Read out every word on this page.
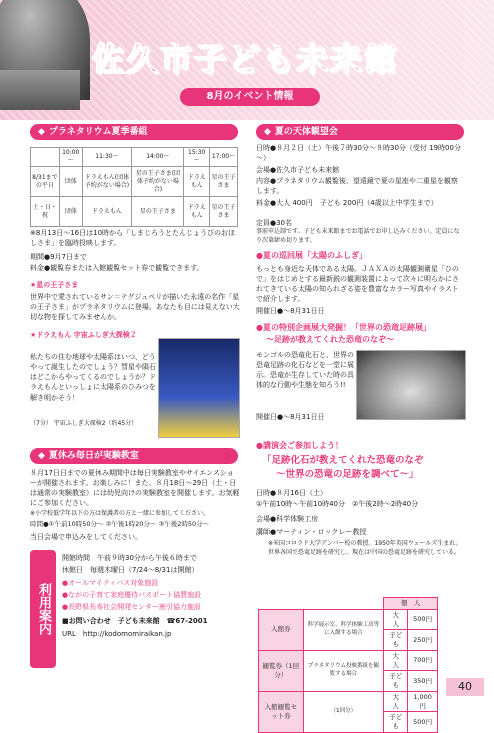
佐久市子ども未来館
8月のイベント情報
◆ プラネタリウム夏季番組
	10:00～	11:30～	14:00～	15:30～	17:00～
8/31までの平日	団体	ドラえもん(団体予約がない場合)	星の王子さま(団体予約がない場合)	ドラえもん	星の王子さま
土・日・祝	団体	ドラえもん	星の王子さま	ドラえもん	星の王子さま
※8月13日～16日は10時から「しまじろうとたんじょうびのおほしさま」を臨時投映します。
期間●9月7日まで
料金●観覧券または入館観覧セット券で観覧できます。
★星の王子さま
世界中で愛されているサン＝テグジュペリが描いた永遠の名作「星の王子さま」がプラネタリウムに登場。あなたも目には見えない大切な物を探してみませんか。
★ドラえもん 宇宙ふしぎ大探検２
私たちの住む地球や太陽系はいつ、どうやって誕生したのでしょう？彗星や隕石はどこからやってくるのでしょうか？ドラえもんといっしょに太陽系のひみつを解き明かそう！
（7分） 宇宙ふしぎ大探検2（約45分）
◆ 夏休み毎日が実験教室
８月17日日までの夏休み期間中は毎日実験教室やサイエンスショーが開催されます。お楽しみに！また、８月18日～29日（土・日は通常の実験教室）には幼児向けの実験教室を開催します。お気軽にご参加ください。
※小学校低学年以下の方は保護者の方と一緒に参加してください。
時間●①午前10時50分～ ②午後1時20分～ ③午後2時50分～
当日会場で申込みをしてください。
利用案内
開館時間　午前９時30分から午後６時まで
休館日　毎週木曜日（7/24～8/31は開館）
●オールマイティパス対象施設
●ながの子育て家庭優待パスポート協賛施設
●長野県長寿社会開発センター割引協力施設
■お問い合わせ　子ども未来館　☎67-2001
URL　http://kodomomiraikan.jp
◆ 夏の天体観望会
日時●８月２日（土）午後７時30分～８時30分（受付 19時00分～）
会場●佐久市子ども未来館
内容●プラネタリウム観覧後、望遠鏡で夏の星座や二重星を観察します。
料金●大人 400円　子ども 200円（4歳以上中学生まで）
定員●30名
事前申込制です。子ども未来館までお電話でお申し込みください。定員になり次第締め切ります。
●夏の巡回展「太陽のふしぎ」
もっとも身近な天体である太陽。ＪＡＸＡの太陽観測衛星「ひので」をはじめとする最新鋭の観測装置によって次々に明らかにされてきている太陽の知られざる姿を豊富なカラー写真やイラストで紹介します。
開催日●～8月31日日
●夏の特別企画展大発掘！「世界の恐竜足跡展」
～足跡が教えてくれた恐竜のなぞ～
モンゴルの恐竜化石と、世界の恐竜足跡の化石などを一堂に展示。恐竜が生存していた時の具体的な行動や生態を知ろう!!
開催日●～8月31日日
●講演会ご参加しよう！
「足跡化石が教えてくれた恐竜のなぞ
～世界の恐竜の足跡を調べて～」
日時●８月16日（土）
①午前10時～午前10時40分　②午後2時～2時40分
会場●科学体験工房
講師●マーティン・ロックレー教授
※米国コロラド大学デンバー校の教授。1950年英国ウェールズ生まれ。世界各国で恐竜足跡を研究し、現在は中国の恐竜足跡を研究している。
		個　人	
入館券	科学展示室、科学体験工房等に入館する場合	大　人	500円
		子ども	250円
観覧券（1回分）	プラネタリウム投映番組を観覧する場合	大　人	700円
		子ども	350円
入館観覧セット券	（1回分）	大　人	1,000円
		子ども	500円
40
